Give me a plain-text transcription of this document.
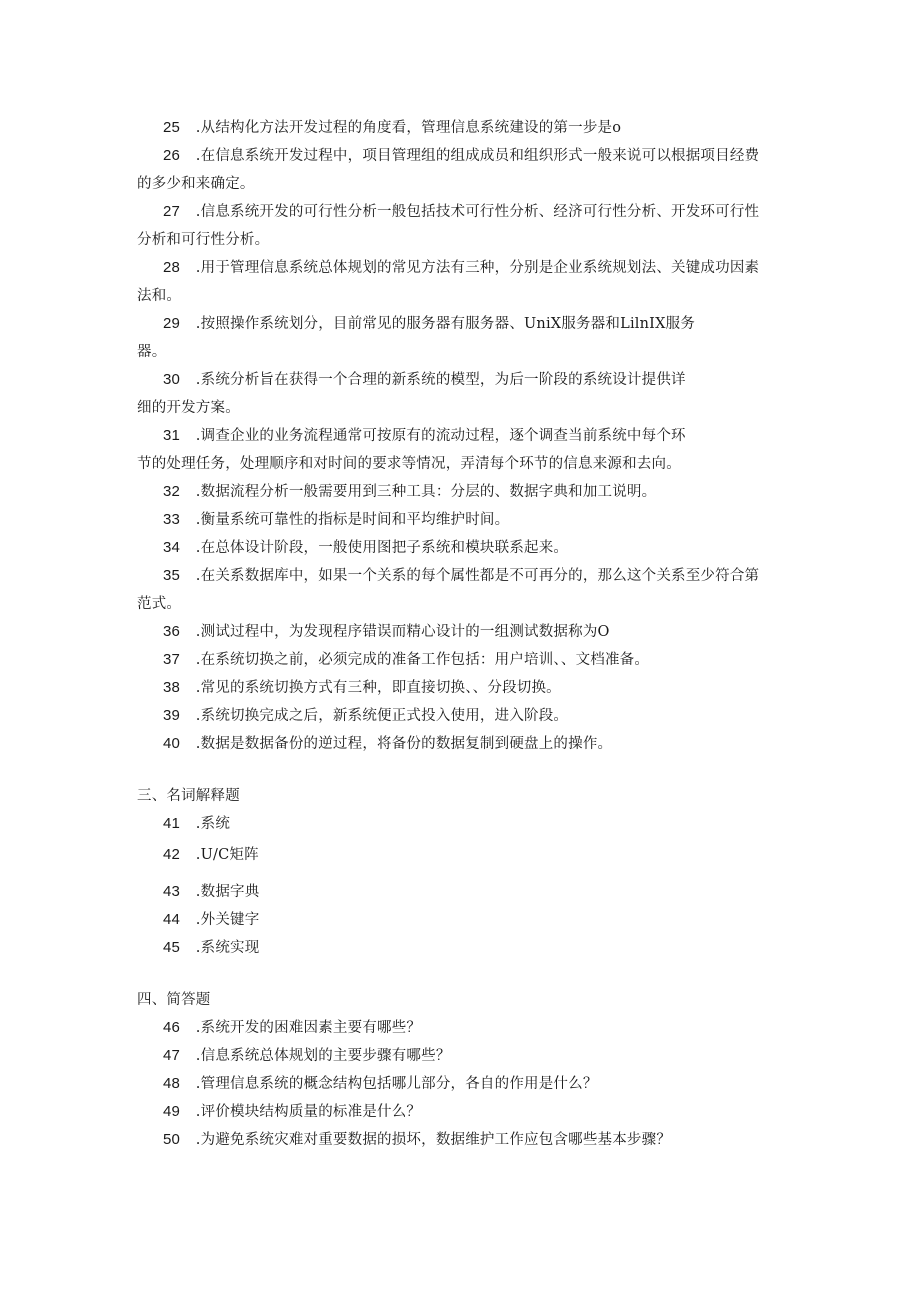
25 .从结构化方法开发过程的角度看，管理信息系统建设的第一步是o
26 .在信息系统开发过程中，项目管理组的组成成员和组织形式一般来说可以根据项目经费
的多少和来确定。
27 .信息系统开发的可行性分析一般包括技术可行性分析、经济可行性分析、开发环可行性
分析和可行性分析。
28 .用于管理信息系统总体规划的常见方法有三种，分别是企业系统规划法、关键成功因素
法和。
29 .按照操作系统划分，目前常见的服务器有服务器、UniX服务器和LilnIX服务
器。
30 .系统分析旨在获得一个合理的新系统的模型，为后一阶段的系统设计提供详
细的开发方案。
31 .调查企业的业务流程通常可按原有的流动过程，逐个调查当前系统中每个环
节的处理任务，处理顺序和对时间的要求等情况，弄清每个环节的信息来源和去向。
32 .数据流程分析一般需要用到三种工具：分层的、数据字典和加工说明。
33 .衡量系统可靠性的指标是时间和平均维护时间。
34 .在总体设计阶段，一般使用图把子系统和模块联系起来。
35 .在关系数据库中，如果一个关系的每个属性都是不可再分的，那么这个关系至少符合第
范式。
36 .测试过程中，为发现程序错误而精心设计的一组测试数据称为O
37 .在系统切换之前，必须完成的准备工作包括：用户培训、、文档准备。
38 .常见的系统切换方式有三种，即直接切换、、分段切换。
39 .系统切换完成之后，新系统便正式投入使用，进入阶段。
40 .数据是数据备份的逆过程，将备份的数据复制到硬盘上的操作。
三、名词解释题
41 .系统
42 .U/C矩阵
43 .数据字典
44 .外关键字
45 .系统实现
四、简答题
46 .系统开发的困难因素主要有哪些？
47 .信息系统总体规划的主要步骤有哪些？
48 .管理信息系统的概念结构包括哪儿部分，各自的作用是什么？
49 .评价模块结构质量的标准是什么？
50 .为避免系统灾难对重要数据的损坏，数据维护工作应包含哪些基本步骤？
